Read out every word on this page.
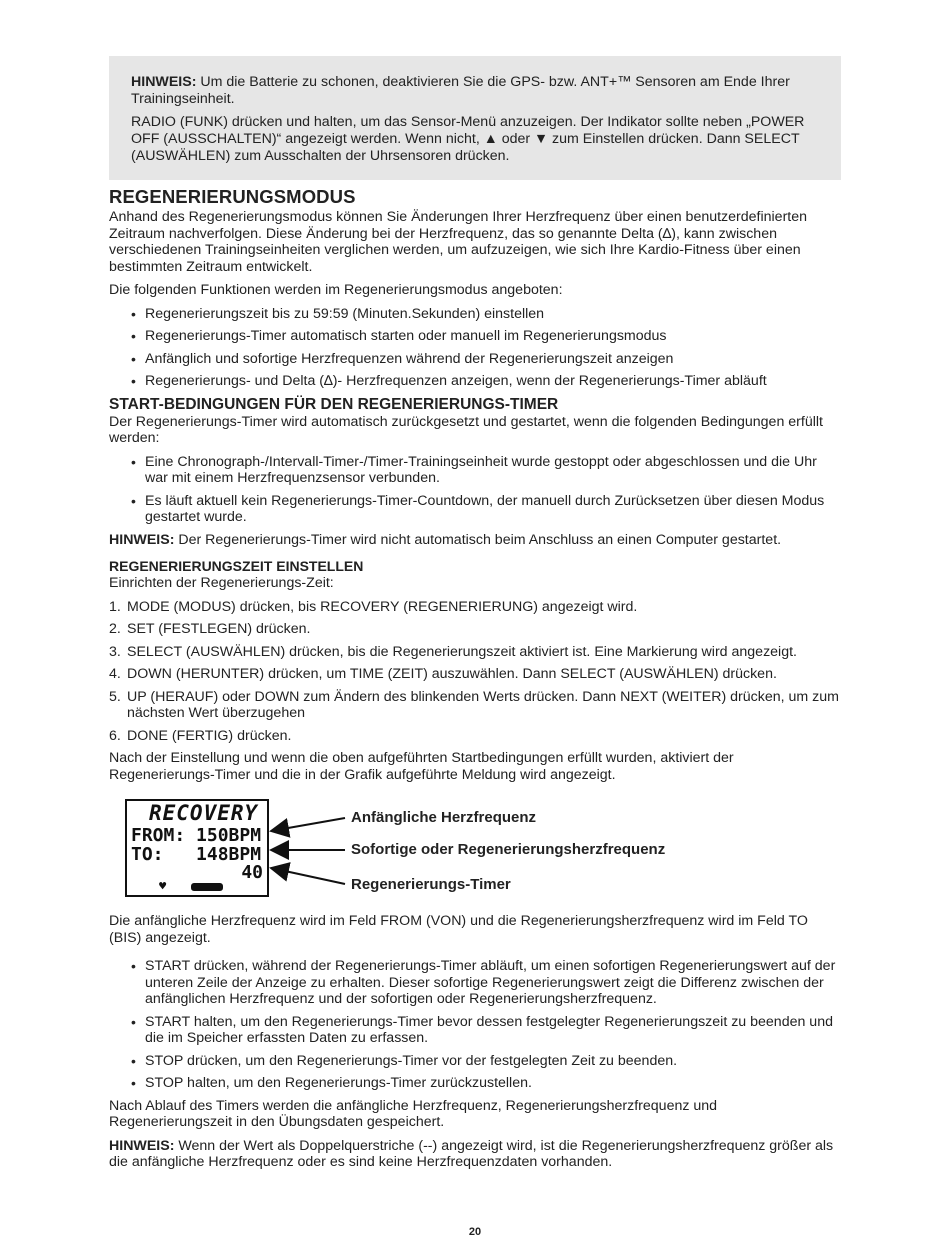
HINWEIS: Um die Batterie zu schonen, deaktivieren Sie die GPS- bzw. ANT+™ Sensoren am Ende Ihrer Trainingseinheit.

RADIO (FUNK) drücken und halten, um das Sensor-Menü anzuzeigen. Der Indikator sollte neben „POWER OFF (AUSSCHALTEN)“ angezeigt werden. Wenn nicht, ▲ oder ▼ zum Einstellen drücken. Dann SELECT (AUSWÄHLEN) zum Ausschalten der Uhrsensoren drücken.

REGENERIERUNGSMODUS

Anhand des Regenerierungsmodus können Sie Änderungen Ihrer Herzfrequenz über einen benutzerdefinierten Zeitraum nachverfolgen. Diese Änderung bei der Herzfrequenz, das so genannte Delta (∆), kann zwischen verschiedenen Trainingseinheiten verglichen werden, um aufzuzeigen, wie sich Ihre Kardio-Fitness über einen bestimmten Zeitraum entwickelt.

Die folgenden Funktionen werden im Regenerierungsmodus angeboten:

• Regenerierungszeit bis zu 59:59 (Minuten.Sekunden) einstellen
• Regenerierungs-Timer automatisch starten oder manuell im Regenerierungsmodus
• Anfänglich und sofortige Herzfrequenzen während der Regenerierungszeit anzeigen
• Regenerierungs- und Delta (∆)- Herzfrequenzen anzeigen, wenn der Regenerierungs-Timer abläuft
START-BEDINGUNGEN FÜR DEN REGENERIERUNGS-TIMER

Der Regenerierungs-Timer wird automatisch zurückgesetzt und gestartet, wenn die folgenden Bedingungen erfüllt werden:

• Eine Chronograph-/Intervall-Timer-/Timer-Trainingseinheit wurde gestoppt oder abgeschlossen und die Uhr war mit einem Herzfrequenzsensor verbunden.
• Es läuft aktuell kein Regenerierungs-Timer-Countdown, der manuell durch Zurücksetzen über diesen Modus gestartet wurde.

HINWEIS: Der Regenerierungs-Timer wird nicht automatisch beim Anschluss an einen Computer gestartet.

REGENERIERUNGSZEIT EINSTELLEN

Einrichten der Regenerierungs-Zeit:

1. MODE (MODUS) drücken, bis RECOVERY (REGENERIERUNG) angezeigt wird.
2. SET (FESTLEGEN) drücken.
3. SELECT (AUSWÄHLEN) drücken, bis die Regenerierungszeit aktiviert ist. Eine Markierung wird angezeigt.
4. DOWN (HERUNTER) drücken, um TIME (ZEIT) auszuwählen. Dann SELECT (AUSWÄHLEN) drücken.
5. UP (HERAUF) oder DOWN zum Ändern des blinkenden Werts drücken. Dann NEXT (WEITER) drücken, um zum nächsten Wert überzugehen
6. DONE (FERTIG) drücken.

Nach der Einstellung und wenn die oben aufgeführten Startbedingungen erfüllt wurden, aktiviert der Regenerierungs-Timer und die in der Grafik aufgeführte Meldung wird angezeigt.

RECOVERY
FROM: 150BPM
TO:   148BPM
40
♥
Anfängliche Herzfrequenz
Sofortige oder Regenerierungsherzfrequenz
Regenerierungs-Timer

Die anfängliche Herzfrequenz wird im Feld FROM (VON) und die Regenerierungsherzfrequenz wird im Feld TO (BIS) angezeigt.

• START drücken, während der Regenerierungs-Timer abläuft, um einen sofortigen Regenerierungswert auf der unteren Zeile der Anzeige zu erhalten. Dieser sofortige Regenerierungswert zeigt die Differenz zwischen der anfänglichen Herzfrequenz und der sofortigen oder Regenerierungsherzfrequenz.
• START halten, um den Regenerierungs-Timer bevor dessen festgelegter Regenerierungszeit zu beenden und die im Speicher erfassten Daten zu erfassen.
• STOP drücken, um den Regenerierungs-Timer vor der festgelegten Zeit zu beenden.
• STOP halten, um den Regenerierungs-Timer zurückzustellen.

Nach Ablauf des Timers werden die anfängliche Herzfrequenz, Regenerierungsherzfrequenz und Regenerierungszeit in den Übungsdaten gespeichert.

HINWEIS: Wenn der Wert als Doppelquerstriche (--) angezeigt wird, ist die Regenerierungsherzfrequenz größer als die anfängliche Herzfrequenz oder es sind keine Herzfrequenzdaten vorhanden.

20
